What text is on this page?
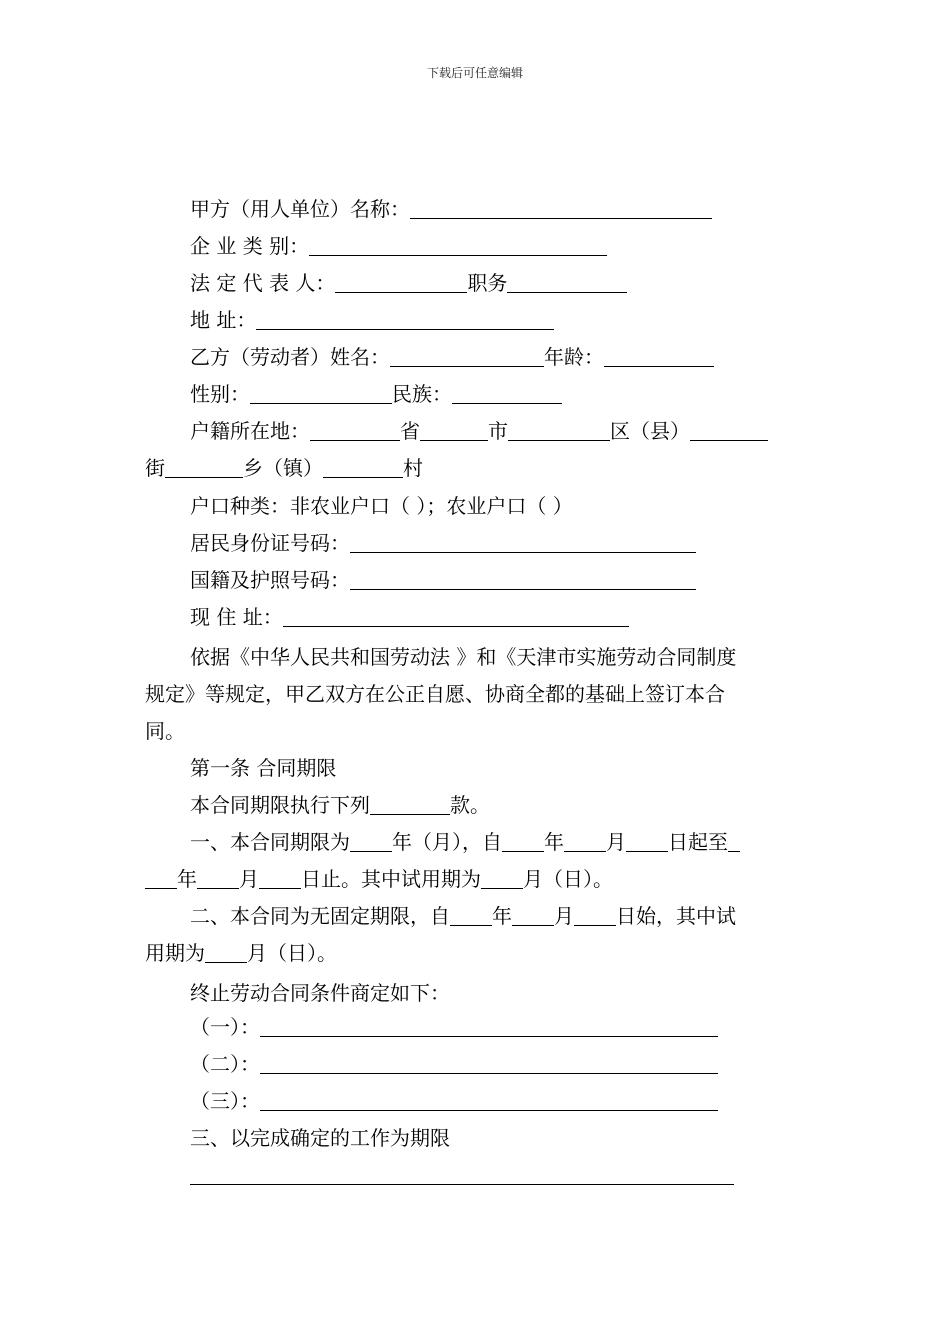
下载后可任意编辑
甲方（用人单位）名称：
企 业 类 别：
法 定 代 表 人：	职务
地 址：
乙方（劳动者）姓名：	年龄：
性别：	民族：
户籍所在地：	省	市	区（县）
街	乡（镇）	村
户口种类：非农业户口（ ）；农业户口（ ）
居民身份证号码：
国籍及护照号码：
现 住 址：
依据《中华人民共和国劳动法 》和《天津市实施劳动合同制度
规定》等规定，甲乙双方在公正自愿、协商全都的基础上签订本合
同。
第一条 合同期限
本合同期限执行下列	款。
一、本合同期限为 年（月），自 年 月 日起至
年 月 日止。其中试用期为 月（日）。
二、本合同为无固定期限，自 年 月 日始，其中试
用期为 月（日）。
终止劳动合同条件商定如下：
（一）：
（二）：
（三）：
三、以完成确定的工作为期限
